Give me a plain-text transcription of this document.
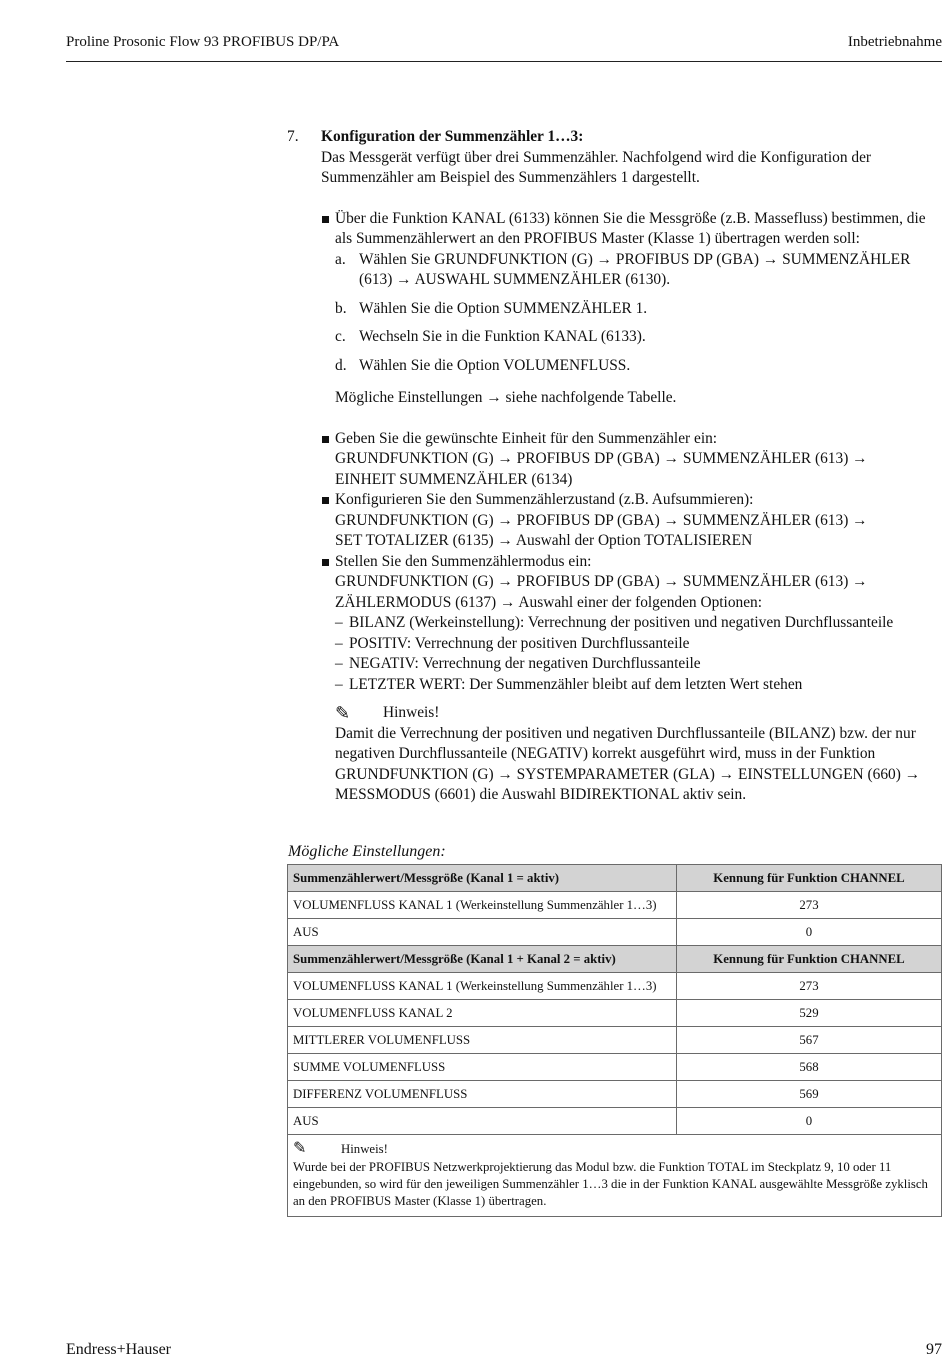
Proline Prosonic Flow 93 PROFIBUS DP/PA	Inbetriebnahme
7.	Konfiguration der Summenzähler 1…3:
Das Messgerät verfügt über drei Summenzähler. Nachfolgend wird die Konfiguration der Summenzähler am Beispiel des Summenzählers 1 dargestellt.
Über die Funktion KANAL (6133) können Sie die Messgröße (z.B. Massefluss) bestimmen, die als Summenzählerwert an den PROFIBUS Master (Klasse 1) übertragen werden soll:
a. Wählen Sie GRUNDFUNKTION (G) → PROFIBUS DP (GBA) → SUMMENZÄHLER (613) → AUSWAHL SUMMENZÄHLER (6130).
b. Wählen Sie die Option SUMMENZÄHLER 1.
c. Wechseln Sie in die Funktion KANAL (6133).
d. Wählen Sie die Option VOLUMENFLUSS.
Mögliche Einstellungen → siehe nachfolgende Tabelle.
Geben Sie die gewünschte Einheit für den Summenzähler ein:
GRUNDFUNKTION (G) → PROFIBUS DP (GBA) → SUMMENZÄHLER (613) →
EINHEIT SUMMENZÄHLER (6134)
Konfigurieren Sie den Summenzählerzustand (z.B. Aufsummieren):
GRUNDFUNKTION (G) → PROFIBUS DP (GBA) → SUMMENZÄHLER (613) →
SET TOTALIZER (6135) → Auswahl der Option TOTALISIEREN
Stellen Sie den Summenzählermodus ein:
GRUNDFUNKTION (G) → PROFIBUS DP (GBA) → SUMMENZÄHLER (613) →
ZÄHLERMODUS (6137) → Auswahl einer der folgenden Optionen:
– BILANZ (Werkeinstellung): Verrechnung der positiven und negativen Durchflussanteile
– POSITIV: Verrechnung der positiven Durchflussanteile
– NEGATIV: Verrechnung der negativen Durchflussanteile
– LETZTER WERT: Der Summenzähler bleibt auf dem letzten Wert stehen
✎	Hinweis!
Damit die Verrechnung der positiven und negativen Durchflussanteile (BILANZ) bzw. der nur negativen Durchflussanteile (NEGATIV) korrekt ausgeführt wird, muss in der Funktion GRUNDFUNKTION (G) → SYSTEMPARAMETER (GLA) → EINSTELLUNGEN (660) → MESSMODUS (6601) die Auswahl BIDIREKTIONAL aktiv sein.
Mögliche Einstellungen:
Summenzählerwert/Messgröße (Kanal 1 = aktiv)	Kennung für Funktion CHANNEL
VOLUMENFLUSS KANAL 1 (Werkeinstellung Summenzähler 1…3)	273
AUS	0
Summenzählerwert/Messgröße (Kanal 1 + Kanal 2 = aktiv)	Kennung für Funktion CHANNEL
VOLUMENFLUSS KANAL 1 (Werkeinstellung Summenzähler 1…3)	273
VOLUMENFLUSS KANAL 2	529
MITTLERER VOLUMENFLUSS	567
SUMME VOLUMENFLUSS	568
DIFFERENZ VOLUMENFLUSS	569
AUS	0

✎ Hinweis!
Wurde bei der PROFIBUS Netzwerkprojektierung das Modul bzw. die Funktion TOTAL im Steckplatz 9, 10 oder 11 eingebunden, so wird für den jeweiligen Summenzähler 1…3 die in der Funktion KANAL ausgewählte Messgröße zyklisch an den PROFIBUS Master (Klasse 1) übertragen.	
Endress+Hauser	97
